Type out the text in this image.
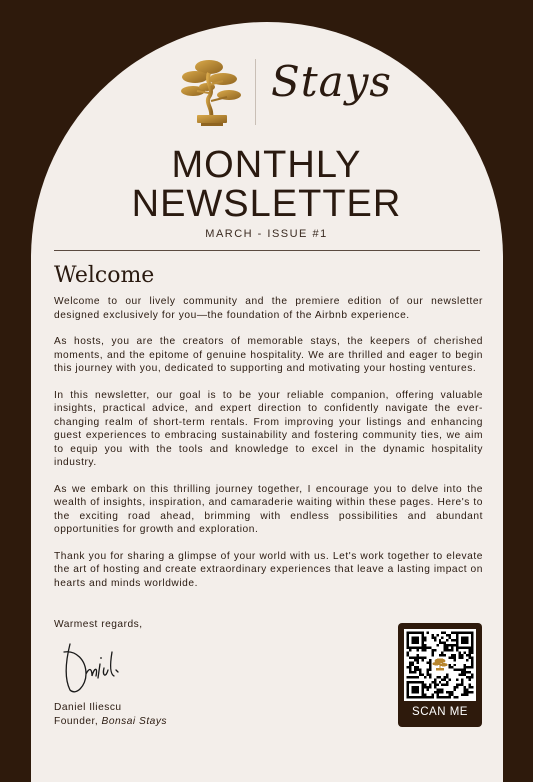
Stays
MONTHLY
NEWSLETTER
MARCH - ISSUE #1
Welcome

Welcome to our lively community and the premiere edition of our newsletter designed exclusively for you—the foundation of the Airbnb experience.

As hosts, you are the creators of memorable stays, the keepers of cherished moments, and the epitome of genuine hospitality. We are thrilled and eager to begin this journey with you, dedicated to supporting and motivating your hosting ventures.

In this newsletter, our goal is to be your reliable companion, offering valuable insights, practical advice, and expert direction to confidently navigate the ever-changing realm of short-term rentals. From improving your listings and enhancing guest experiences to embracing sustainability and fostering community ties, we aim to equip you with the tools and knowledge to excel in the dynamic hospitality industry.

As we embark on this thrilling journey together, I encourage you to delve into the wealth of insights, inspiration, and camaraderie waiting within these pages. Here's to the exciting road ahead, brimming with endless possibilities and abundant opportunities for growth and exploration.

Thank you for sharing a glimpse of your world with us. Let's work together to elevate the art of hosting and create extraordinary experiences that leave a lasting impact on hearts and minds worldwide.

Warmest regards,
Daniel Iliescu
Founder, Bonsai Stays
SCAN ME
